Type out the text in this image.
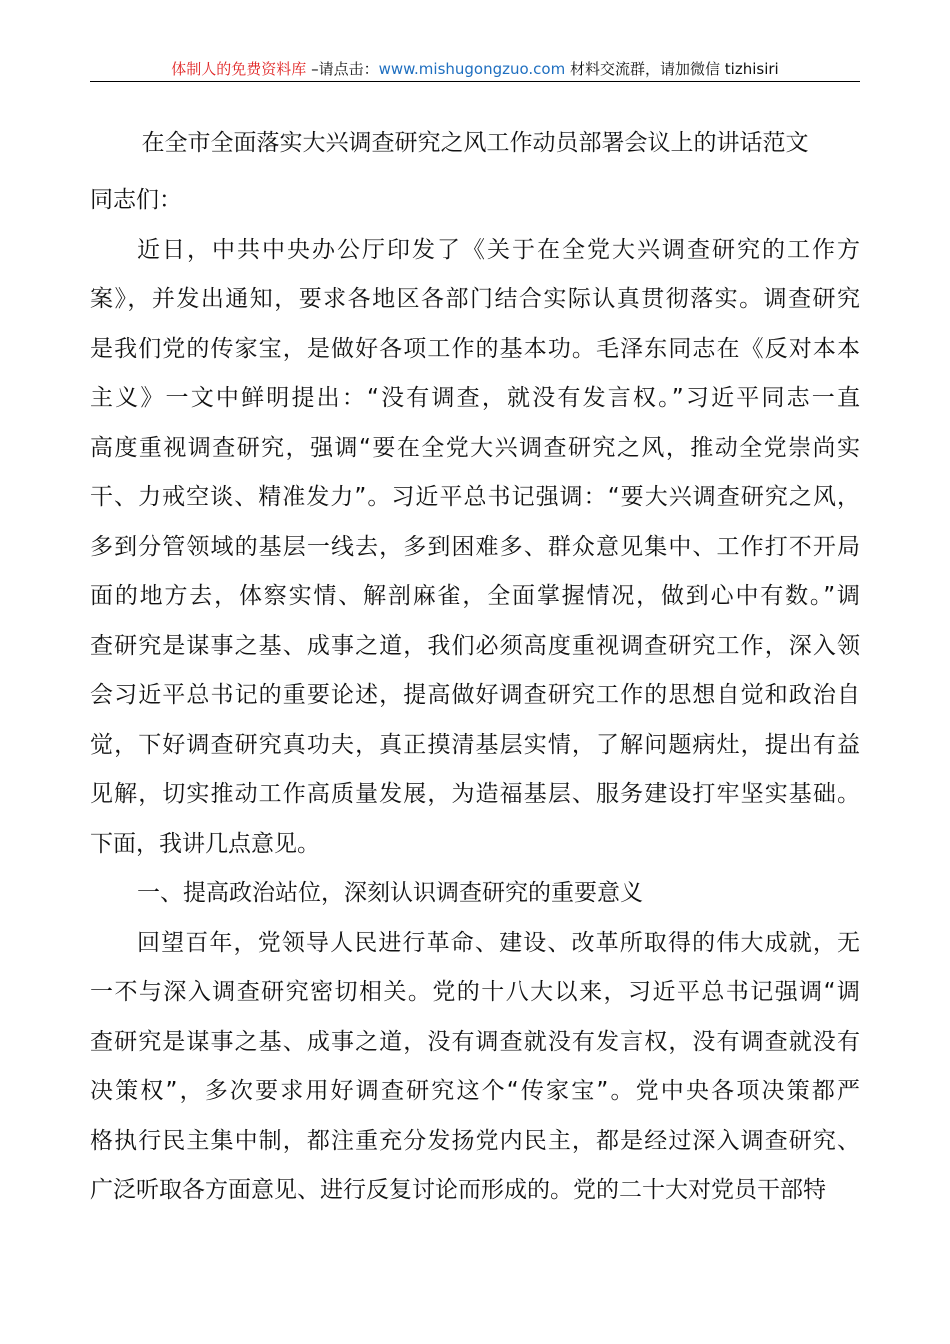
体制人的免费资料库 –请点击：www.mishugongzuo.com 材料交流群，请加微信 tizhisiri
在全市全面落实大兴调查研究之风工作动员部署会议上的讲话范文
同志们：
近日，中共中央办公厅印发了《关于在全党大兴调查研究的工作方
案》，并发出通知，要求各地区各部门结合实际认真贯彻落实。调查研究
是我们党的传家宝，是做好各项工作的基本功。毛泽东同志在《反对本本
主义》一文中鲜明提出：“没有调查，就没有发言权。”习近平同志一直
高度重视调查研究，强调“要在全党大兴调查研究之风，推动全党崇尚实
干、力戒空谈、精准发力”。习近平总书记强调：“要大兴调查研究之风，
多到分管领域的基层一线去，多到困难多、群众意见集中、工作打不开局
面的地方去，体察实情、解剖麻雀，全面掌握情况，做到心中有数。”调
查研究是谋事之基、成事之道，我们必须高度重视调查研究工作，深入领
会习近平总书记的重要论述，提高做好调查研究工作的思想自觉和政治自
觉，下好调查研究真功夫，真正摸清基层实情，了解问题病灶，提出有益
见解，切实推动工作高质量发展，为造福基层、服务建设打牢坚实基础。
下面，我讲几点意见。
一、提高政治站位，深刻认识调查研究的重要意义
回望百年，党领导人民进行革命、建设、改革所取得的伟大成就，无
一不与深入调查研究密切相关。党的十八大以来，习近平总书记强调“调
查研究是谋事之基、成事之道，没有调查就没有发言权，没有调查就没有
决策权”，多次要求用好调查研究这个“传家宝”。党中央各项决策都严
格执行民主集中制，都注重充分发扬党内民主，都是经过深入调查研究、
广泛听取各方面意见、进行反复讨论而形成的。党的二十大对党员干部特
